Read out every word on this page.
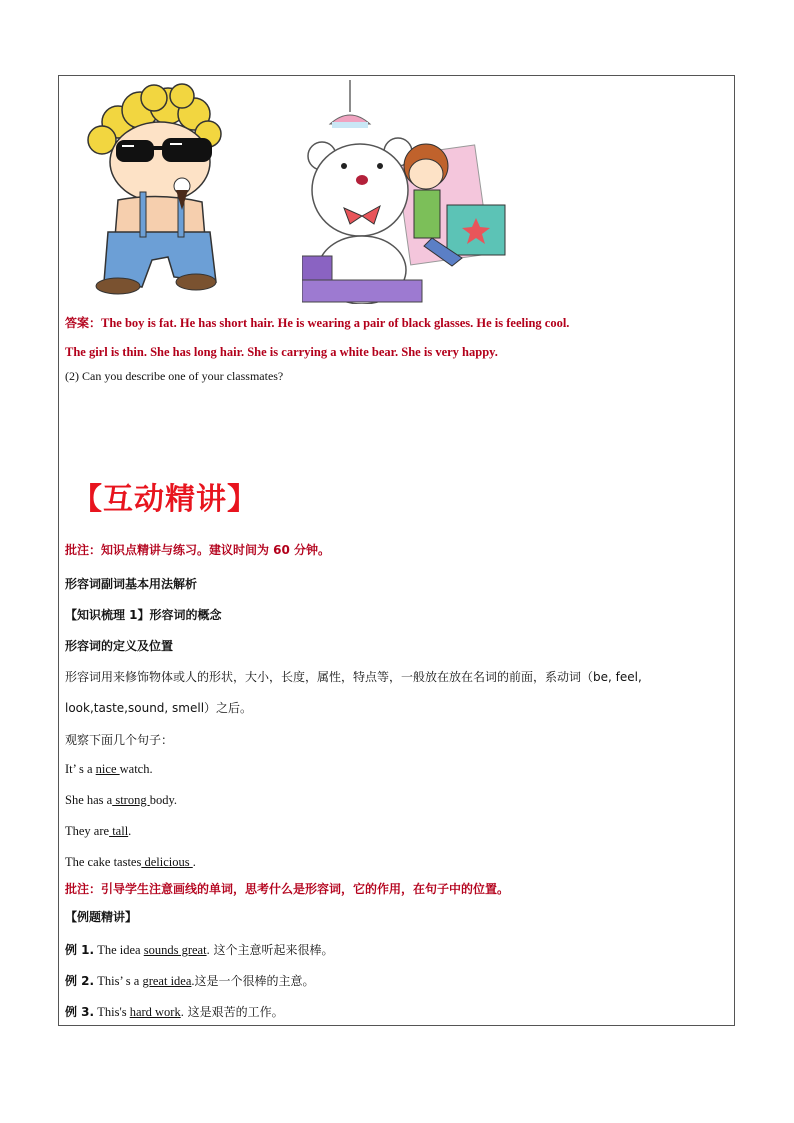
答案：The boy is fat. He has short hair. He is wearing a pair of black glasses. He is feeling cool.
The girl is thin. She has long hair. She is carrying a white bear. She is very happy.
(2) Can you describe one of your classmates?
【互动精讲】
批注：知识点精讲与练习。建议时间为 60 分钟。
形容词副词基本用法解析
【知识梳理 1】形容词的概念
形容词的定义及位置
形容词用来修饰物体或人的形状，大小，长度，属性，特点等，一般放在放在名词的前面，系动词（be, feel,
look,taste,sound, smell）之后。
观察下面几个句子：
It’ s a nice watch.
She has a strong body.
They are tall.
The cake tastes delicious .
批注：引导学生注意画线的单词，思考什么是形容词，它的作用，在句子中的位置。
【例题精讲】
例 1. The idea sounds great. 这个主意听起来很棒。
例 2. This’ s a great idea.这是一个很棒的主意。
例 3. This's hard work. 这是艰苦的工作。
